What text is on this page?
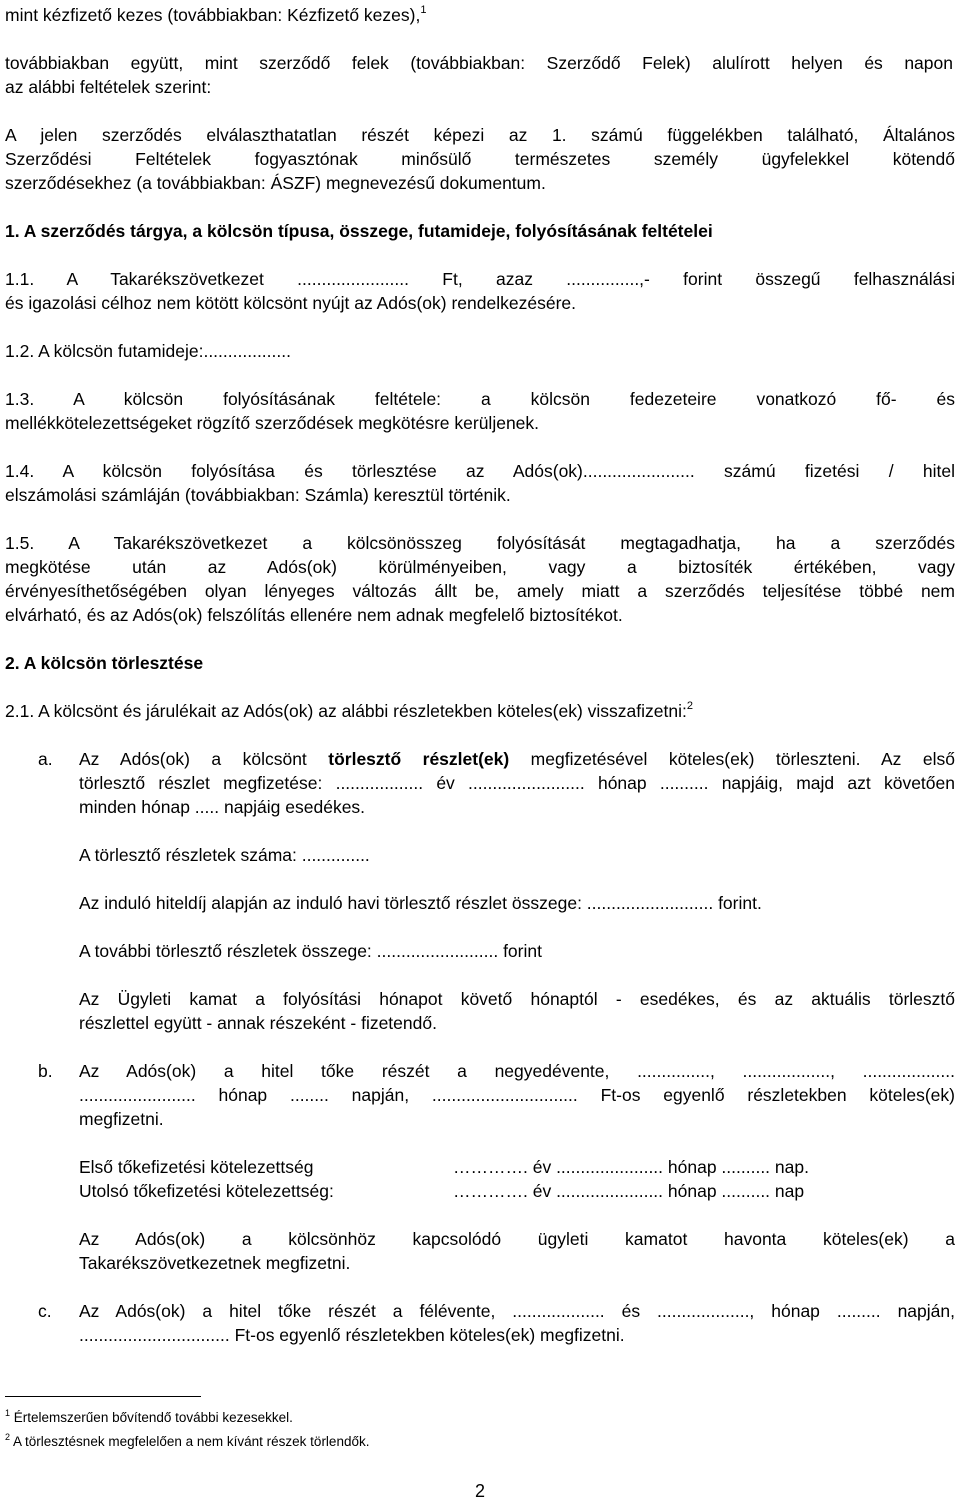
mint kézfizető kezes (továbbiakban: Kézfizető kezes),$^1$
továbbiakban együtt, mint szerződő felek (továbbiakban: Szerződő Felek) alulírott helyen és napon
az alábbi feltételek szerint:
A jelen szerződés elválaszthatatlan részét képezi az 1. számú függelékben található, Általános
Szerződési Feltételek fogyasztónak minősülő természetes személy ügyfelekkel kötendő
szerződésekhez (a továbbiakban: ÁSZF) megnevezésű dokumentum.
1. A szerződés tárgya, a kölcsön típusa, összege, futamideje, folyósításának feltételei
1.1. A Takarékszövetkezet ....................... Ft, azaz ...............,- forint összegű felhasználási
és igazolási célhoz nem kötött kölcsönt nyújt az Adós(ok) rendelkezésére.
1.2. A kölcsön futamideje:..................
1.3. A kölcsön folyósításának feltétele: a kölcsön fedezeteire vonatkozó fő- és
mellékkötelezettségeket rögzítő szerződések megkötésre kerüljenek.
1.4. A kölcsön folyósítása és törlesztése az Adós(ok)....................... számú fizetési / hitel
elszámolási számláján (továbbiakban: Számla) keresztül történik.
1.5. A Takarékszövetkezet a kölcsönösszeg folyósítását megtagadhatja, ha a szerződés
megkötése után az Adós(ok) körülményeiben, vagy a biztosíték értékében, vagy
érvényesíthetőségében olyan lényeges változás állt be, amely miatt a szerződés teljesítése többé nem
elvárható, és az Adós(ok) felszólítás ellenére nem adnak megfelelő biztosítékot.
2. A kölcsön törlesztése
2.1. A kölcsönt és járulékait az Adós(ok) az alábbi részletekben köteles(ek) visszafizetni:$^2$
a. Az Adós(ok) a kölcsönt törlesztő részlet(ek) megfizetésével köteles(ek) törleszteni. Az első
törlesztő részlet megfizetése: .................. év ........................ hónap .......... napjáig, majd azt követően
minden hónap ..... napjáig esedékes.
A törlesztő részletek száma: ..............
Az induló hiteldíj alapján az induló havi törlesztő részlet összege: .......................... forint.
A további törlesztő részletek összege: ......................... forint
Az Ügyleti kamat a folyósítási hónapot követő hónaptól - esedékes, és az aktuális törlesztő
részlettel együtt - annak részeként - fizetendő.
b. Az Adós(ok) a hitel tőke részét a negyedévente, ..............., .................., ...................
........................ hónap ........ napján, .............................. Ft-os egyenlő részletekben köteles(ek)
megfizetni.
Első tőkefizetési kötelezettség	…………. év ...................... hónap .......... nap.
Utolsó tőkefizetési kötelezettség:	…………. év ...................... hónap .......... nap
Az Adós(ok) a kölcsönhöz kapcsolódó ügyleti kamatot havonta köteles(ek) a
Takarékszövetkezetnek megfizetni.
c. Az Adós(ok) a hitel tőke részét a félévente, ................... és ..................., hónap ......... napján,
............................... Ft-os egyenlő részletekben köteles(ek) megfizetni.
$^1$ Értelemszerűen bővítendő további kezesekkel.
$^2$ A törlesztésnek megfelelően a nem kívánt részek törlendők.
2
